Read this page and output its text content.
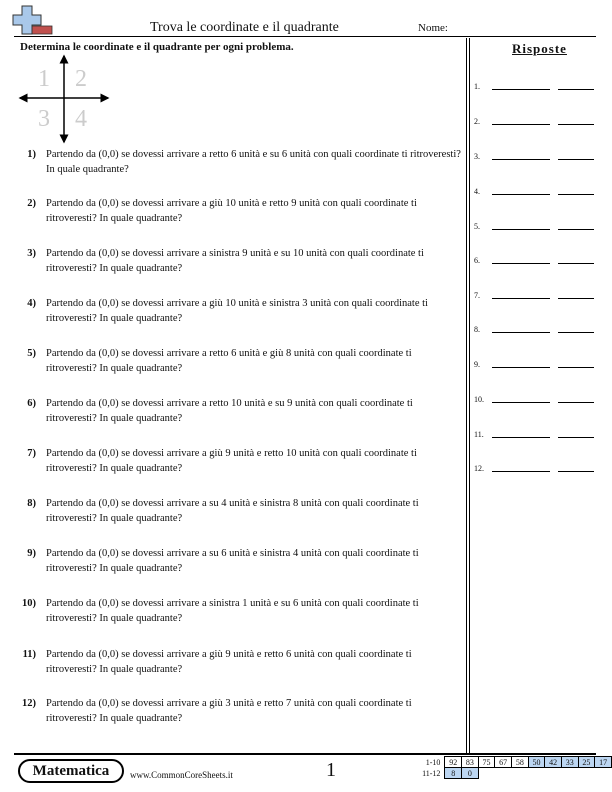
Trova le coordinate e il quadrante	Nome:
Determina le coordinate e il quadrante per ogni problema.	Risposte
1 2
3 4
1) Partendo da (0,0) se dovessi arrivare a retto 6 unità e su 6 unità con quali coordinate ti ritroveresti? In quale quadrante?
2) Partendo da (0,0) se dovessi arrivare a giù 10 unità e retto 9 unità con quali coordinate ti ritroveresti? In quale quadrante?
3) Partendo da (0,0) se dovessi arrivare a sinistra 9 unità e su 10 unità con quali coordinate ti ritroveresti? In quale quadrante?
4) Partendo da (0,0) se dovessi arrivare a giù 10 unità e sinistra 3 unità con quali coordinate ti ritroveresti? In quale quadrante?
5) Partendo da (0,0) se dovessi arrivare a retto 6 unità e giù 8 unità con quali coordinate ti ritroveresti? In quale quadrante?
6) Partendo da (0,0) se dovessi arrivare a retto 10 unità e su 9 unità con quali coordinate ti ritroveresti? In quale quadrante?
7) Partendo da (0,0) se dovessi arrivare a giù 9 unità e retto 10 unità con quali coordinate ti ritroveresti? In quale quadrante?
8) Partendo da (0,0) se dovessi arrivare a su 4 unità e sinistra 8 unità con quali coordinate ti ritroveresti? In quale quadrante?
9) Partendo da (0,0) se dovessi arrivare a su 6 unità e sinistra 4 unità con quali coordinate ti ritroveresti? In quale quadrante?
10) Partendo da (0,0) se dovessi arrivare a sinistra 1 unità e su 6 unità con quali coordinate ti ritroveresti? In quale quadrante?
11) Partendo da (0,0) se dovessi arrivare a giù 9 unità e retto 6 unità con quali coordinate ti ritroveresti? In quale quadrante?
12) Partendo da (0,0) se dovessi arrivare a giù 3 unità e retto 7 unità con quali coordinate ti ritroveresti? In quale quadrante?
1.
2.
3.
4.
5.
6.
7.
8.
9.
10.
11.
12.
Matematica	www.CommonCoreSheets.it	1	1-10	92	83	75	67	58	50	42	33	25	17
11-12	8	0								
